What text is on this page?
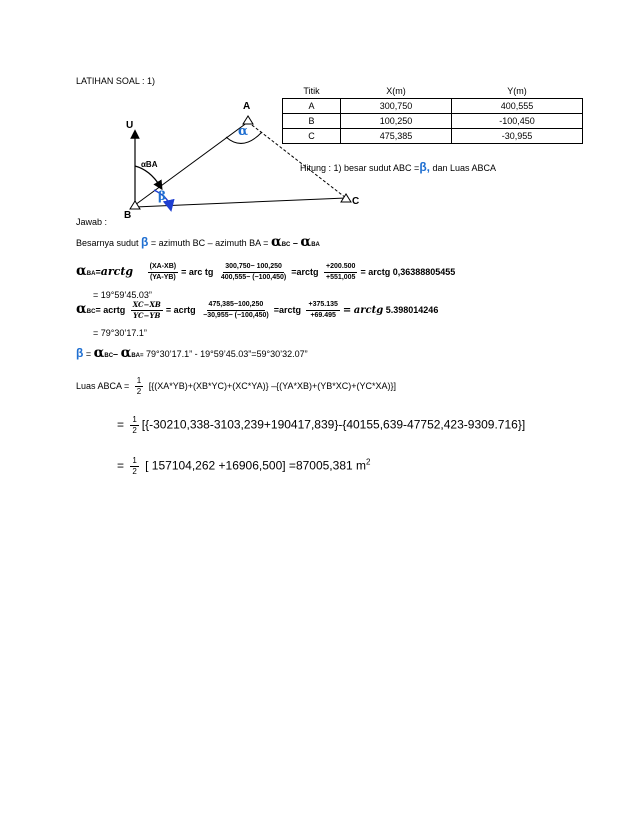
LATIHAN SOAL : 1)
Titik	X(m)	Y(m)
A	300,750	400,555
B	100,250	-100,450
C	475,385	-30,955
U
A
B
C
α
αBA
β
Hitung : 1) besar sudut ABC =β, dan Luas ABCA
Jawab :
Besarnya sudut β = azimuth BC – azimuth BA = αBC – αBA
αBA=arctg $\frac{(XA-XB)}{(YA-YB)}$ = arc tg $\frac{300,750- 100,250}{400,555- (-100,450)}$ =arctg $\frac{+200.500}{+551,005}$ = arctg 0,36388805455
= 19°59’45.03”
αBC= acrtg $\frac{XC-XB}{YC-YB}$ = acrtg $\frac{475,385-100,250}{-30,955- (-100,450)}$ =arctg $\frac{+375.135}{+69.495}$ = arctg 5.398014246
= 79°30’17.1”
β = αBC– αBA= 79°30’17.1” - 19°59’45.03”=59°30’32.07”
Luas ABCA = $\frac{1}{2} [\{(XA*YB)+(XB*YC)+(XC*YA)\}$ –{(YA*XB)+(YB*XC)+(YC*XA)}]
= $\frac{1}{2} [\{-30210,338-3103,239+190417,839\}-\{40155,639-47752,423-9309.716\}]$
= $\frac{1}{2}$ [ 157104,262 +16906,500] =87005,381 $m^2$
